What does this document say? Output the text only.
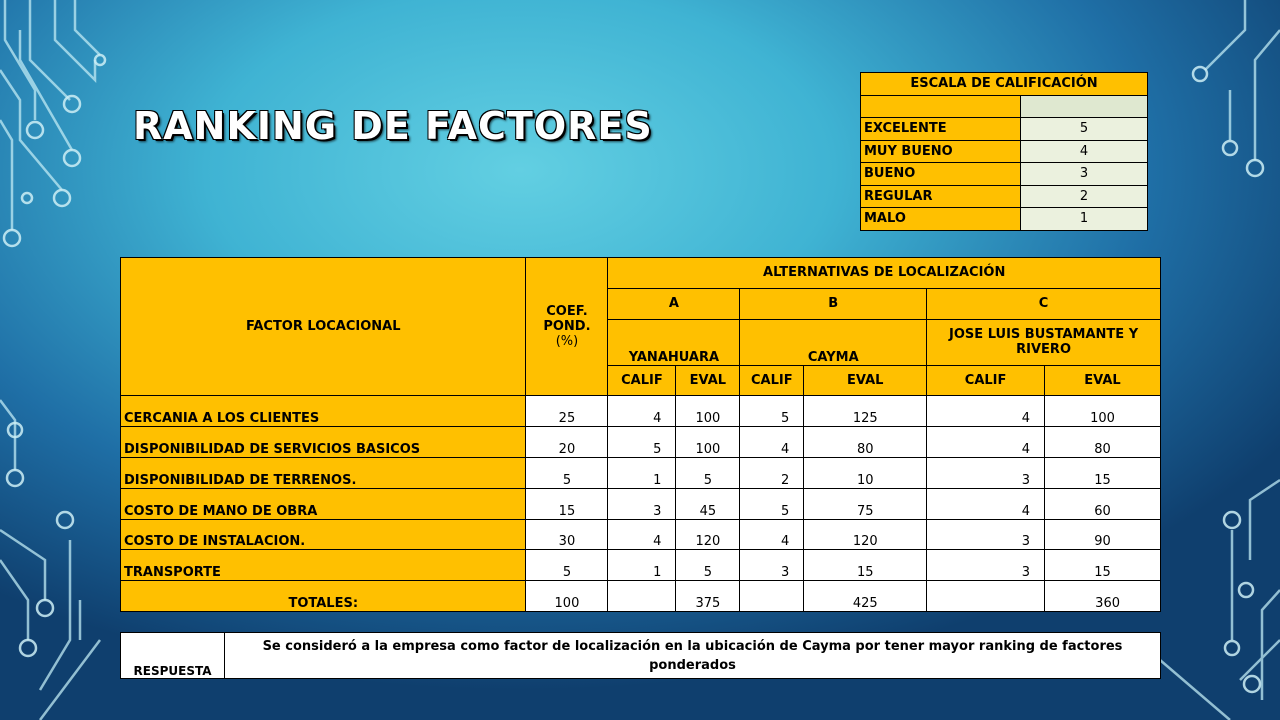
RANKING DE FACTORES
ESCALA DE CALIFICACIÓN	

EXCELENTE	5
MUY BUENO	4
BUENO	3
REGULAR	2
MALO	1
FACTOR LOCACIONAL	COEF.
POND.
(%)	ALTERNATIVAS DE LOCALIZACIÓN					
		A		B		C	
		YANAHUARA		CAYMA		JOSE LUIS BUSTAMANTE Y RIVERO	
		CALIF	EVAL	CALIF	EVAL	CALIF	EVAL
CERCANIA A LOS CLIENTES	25	4	100	5	125	4	100
DISPONIBILIDAD DE SERVICIOS BASICOS	20	5	100	4	80	4	80
DISPONIBILIDAD DE TERRENOS.	5	1	5	2	10	3	15
COSTO DE MANO DE OBRA	15	3	45	5	75	4	60
COSTO DE INSTALACION.	30	4	120	4	120	3	90
TRANSPORTE	5	1	5	3	15	3	15
TOTALES:	100		375		425		360
RESPUESTA	Se consideró a la empresa como factor de localización en la ubicación de Cayma por tener mayor ranking de factores ponderados
